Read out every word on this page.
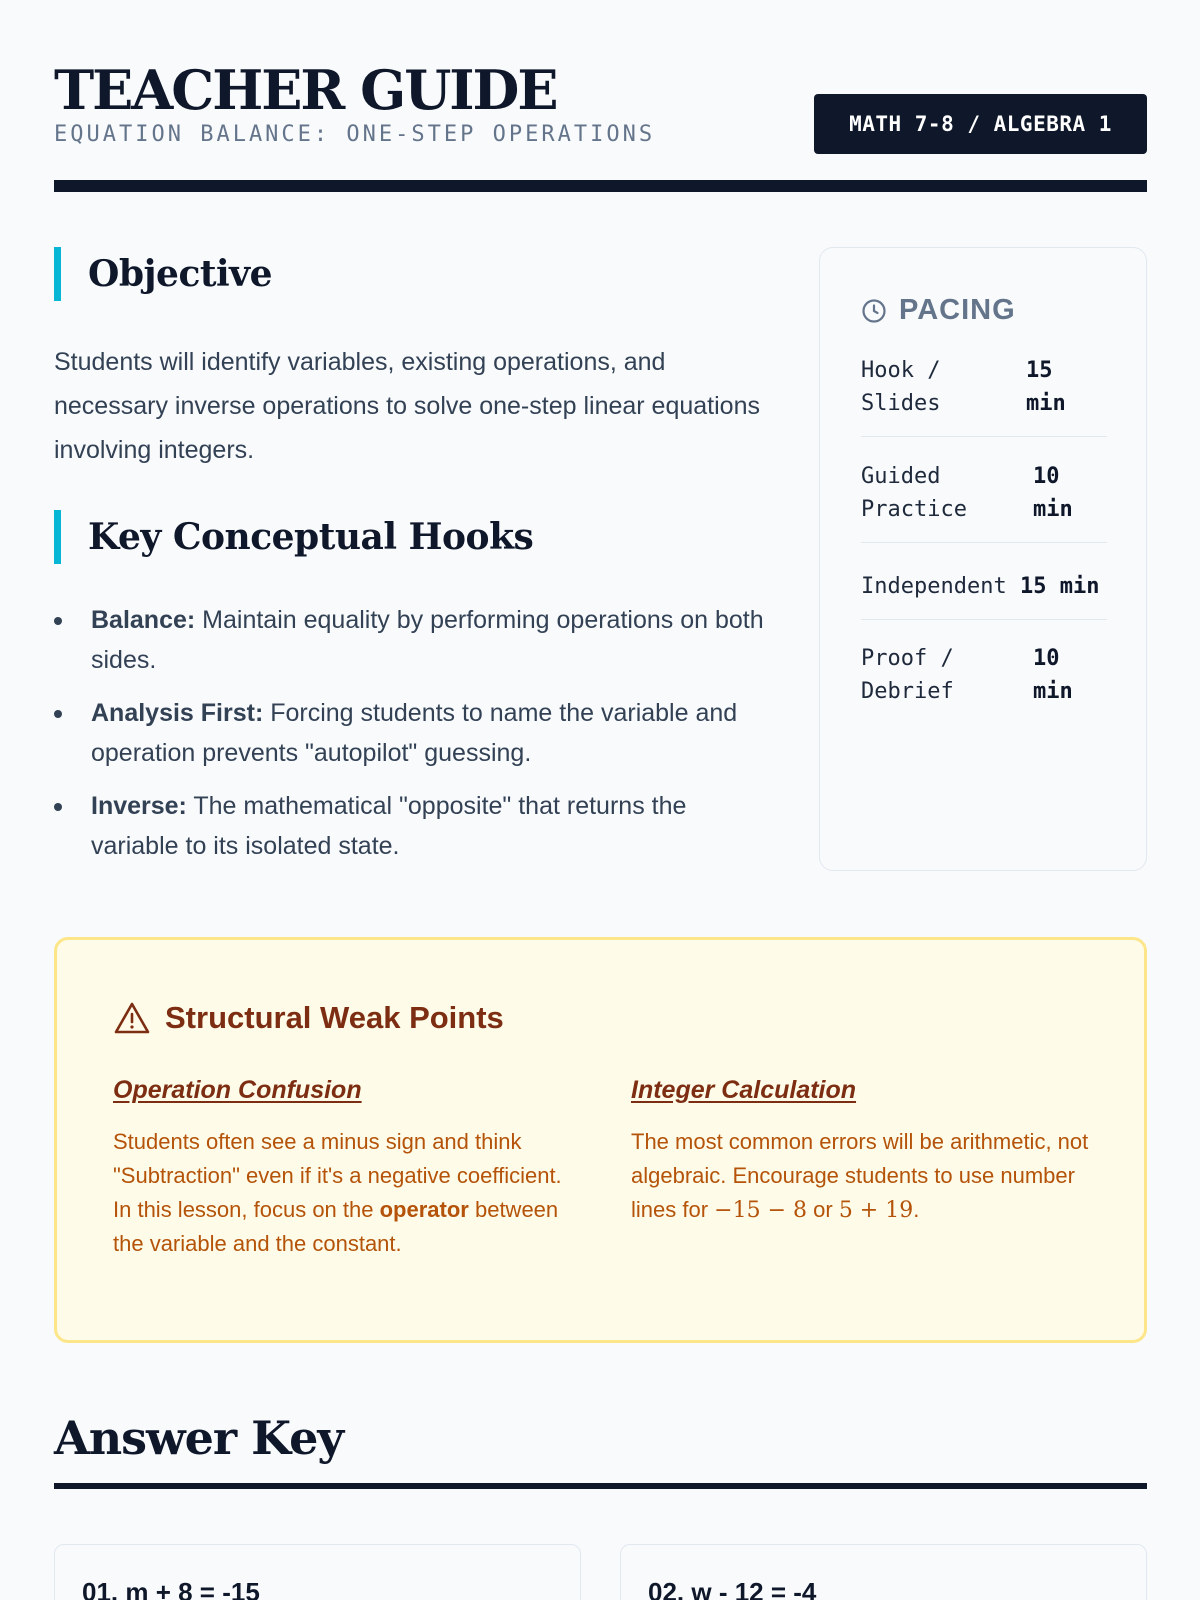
TEACHER GUIDE
EQUATION BALANCE: ONE-STEP OPERATIONS	MATH 7-8 / ALGEBRA 1
Objective

Students will identify variables, existing operations, and necessary inverse operations to solve one-step linear equations involving integers.

Key Conceptual Hooks
Balance: Maintain equality by performing operations on both sides.
Analysis First: Forcing students to name the variable and operation prevents "autopilot" guessing.
Inverse: The mathematical "opposite" that returns the variable to its isolated state.
PACING
Hook /
Slides
15
min
Guided
Practice
10
min
Independent 15 min
Proof /
Debrief
10
min
Structural Weak Points
Operation Confusion

Students often see a minus sign and think "Subtraction" even if it's a negative coefficient. In this lesson, focus on the operator between the variable and the constant.

Integer Calculation

The most common errors will be arithmetic, not algebraic. Encourage students to use number lines for −15 − 8 or 5 + 19.

Answer Key
01. m + 8 = -15	02. w - 12 = -4
